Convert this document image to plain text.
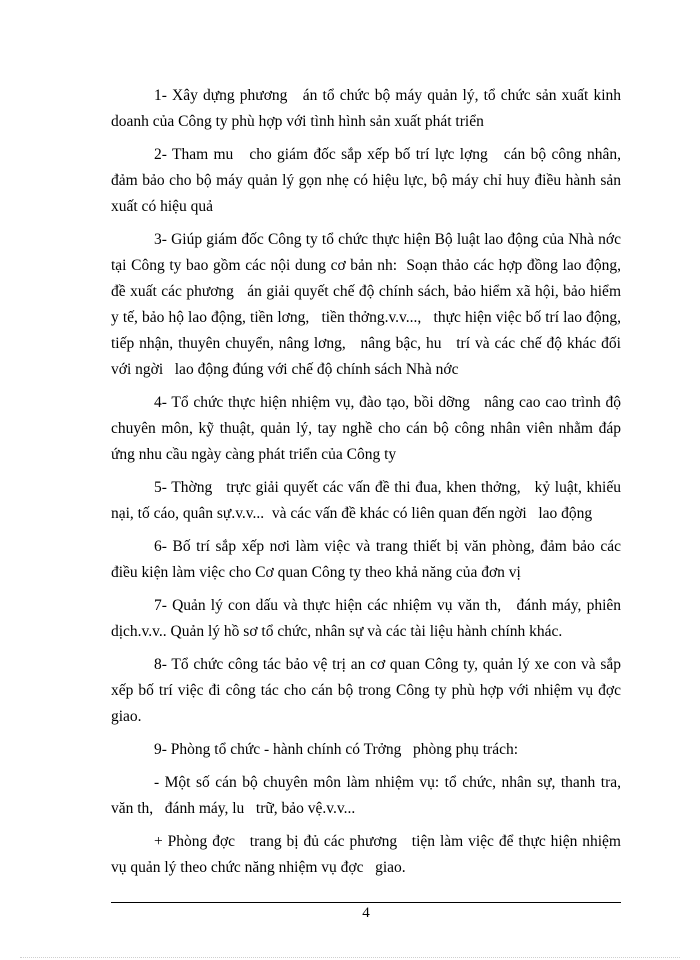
1- Xây dựng phương   án tổ chức bộ máy quản lý, tổ chức sản xuất kinh doanh của Công ty phù hợp với tình hình sản xuất phát triển

2- Tham mu   cho giám đốc sắp xếp bố trí lực lợng   cán bộ công nhân, đảm bảo cho bộ máy quản lý gọn nhẹ có hiệu lực, bộ máy chỉ huy điều hành sản xuất có hiệu quả

3- Giúp giám đốc Công ty tổ chức thực hiện Bộ luật lao động của Nhà nớc   tại Công ty bao gồm các nội dung cơ bản nh:  Soạn thảo các hợp đồng lao động, đề xuất các phương   án giải quyết chế độ chính sách, bảo hiểm xã hội, bảo hiểm y tế, bảo hộ lao động, tiền lơng,   tiền thởng.v.v...,   thực hiện việc bố trí lao động, tiếp nhận, thuyên chuyển, nâng lơng,   nâng bậc, hu   trí và các chế độ khác đối với ngời   lao động đúng với chế độ chính sách Nhà nớc

4- Tổ chức thực hiện nhiệm vụ, đào tạo, bồi dỡng   nâng cao cao trình độ chuyên môn, kỹ thuật, quản lý, tay nghề cho cán bộ công nhân viên nhằm đáp ứng nhu cầu ngày càng phát triển của Công ty

5- Thờng   trực giải quyết các vấn đề thi đua, khen thởng,   kỷ luật, khiếu nại, tố cáo, quân sự.v.v...  và các vấn đề khác có liên quan đến ngời   lao động

6- Bố trí sắp xếp nơi làm việc và trang thiết bị văn phòng, đảm bảo các điều kiện làm việc cho Cơ quan Công ty theo khả năng của đơn vị

7- Quản lý con dấu và thực hiện các nhiệm vụ văn th,   đánh máy, phiên dịch.v.v.. Quản lý hồ sơ tổ chức, nhân sự và các tài liệu hành chính khác.

8- Tổ chức công tác bảo vệ trị an cơ quan Công ty, quản lý xe con và sắp xếp bố trí việc đi công tác cho cán bộ trong Công ty phù hợp với nhiệm vụ đợc   giao.

9- Phòng tổ chức - hành chính có Trởng   phòng phụ trách:

- Một số cán bộ chuyên môn làm nhiệm vụ: tổ chức, nhân sự, thanh tra, văn th,   đánh máy, lu   trữ, bảo vệ.v.v...

+ Phòng đợc   trang bị đủ các phương   tiện làm việc để thực hiện nhiệm vụ quản lý theo chức năng nhiệm vụ đợc   giao.

4
